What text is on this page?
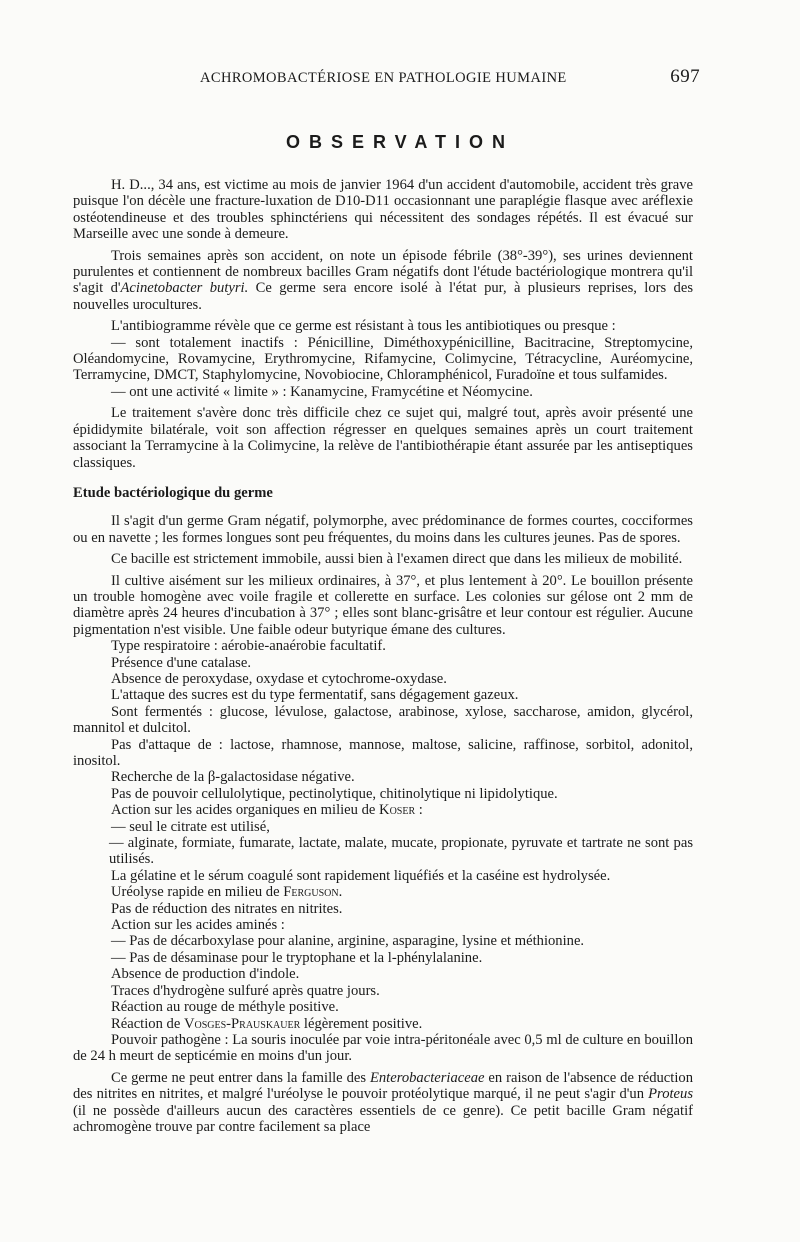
ACHROMOBACTÉRIOSE EN PATHOLOGIE HUMAINE	697
OBSERVATION

H. D..., 34 ans, est victime au mois de janvier 1964 d'un accident d'automobile, accident très grave puisque l'on décèle une fracture-luxation de D10-D11 occasionnant une paraplégie flasque avec aréflexie ostéotendineuse et des troubles sphinctériens qui nécessitent des sondages répétés. Il est évacué sur Marseille avec une sonde à demeure.

Trois semaines après son accident, on note un épisode fébrile (38°-39°), ses urines deviennent purulentes et contiennent de nombreux bacilles Gram négatifs dont l'étude bactériologique montrera qu'il s'agit d'Acinetobacter butyri. Ce germe sera encore isolé à l'état pur, à plusieurs reprises, lors des nouvelles urocultures.

L'antibiogramme révèle que ce germe est résistant à tous les antibiotiques ou presque :

— sont totalement inactifs : Pénicilline, Diméthoxypénicilline, Bacitracine, Streptomycine, Oléandomycine, Rovamycine, Erythromycine, Rifamycine, Colimycine, Tétracycline, Auréomycine, Terramycine, DMCT, Staphylomycine, Novobiocine, Chloramphénicol, Furadoïne et tous sulfamides.

— ont une activité « limite » : Kanamycine, Framycétine et Néomycine.

Le traitement s'avère donc très difficile chez ce sujet qui, malgré tout, après avoir présenté une épididymite bilatérale, voit son affection régresser en quelques semaines après un court traitement associant la Terramycine à la Colimycine, la relève de l'antibiothérapie étant assurée par les antiseptiques classiques.

Etude bactériologique du germe

Il s'agit d'un germe Gram négatif, polymorphe, avec prédominance de formes courtes, cocciformes ou en navette ; les formes longues sont peu fréquentes, du moins dans les cultures jeunes. Pas de spores.

Ce bacille est strictement immobile, aussi bien à l'examen direct que dans les milieux de mobilité.

Il cultive aisément sur les milieux ordinaires, à 37°, et plus lentement à 20°. Le bouillon présente un trouble homogène avec voile fragile et collerette en surface. Les colonies sur gélose ont 2 mm de diamètre après 24 heures d'incubation à 37° ; elles sont blanc-grisâtre et leur contour est régulier. Aucune pigmentation n'est visible. Une faible odeur butyrique émane des cultures.

Type respiratoire : aérobie-anaérobie facultatif.

Présence d'une catalase.

Absence de peroxydase, oxydase et cytochrome-oxydase.

L'attaque des sucres est du type fermentatif, sans dégagement gazeux.

Sont fermentés : glucose, lévulose, galactose, arabinose, xylose, saccharose, amidon, glycérol, mannitol et dulcitol.

Pas d'attaque de : lactose, rhamnose, mannose, maltose, salicine, raffinose, sorbitol, adonitol, inositol.

Recherche de la β-galactosidase négative.

Pas de pouvoir cellulolytique, pectinolytique, chitinolytique ni lipidolytique.

Action sur les acides organiques en milieu de Koser :

— seul le citrate est utilisé,

— alginate, formiate, fumarate, lactate, malate, mucate, propionate, pyruvate et tartrate ne sont pas utilisés.

La gélatine et le sérum coagulé sont rapidement liquéfiés et la caséine est hydrolysée.

Uréolyse rapide en milieu de Ferguson.

Pas de réduction des nitrates en nitrites.

Action sur les acides aminés :

— Pas de décarboxylase pour alanine, arginine, asparagine, lysine et méthionine.

— Pas de désaminase pour le tryptophane et la l-phénylalanine.

Absence de production d'indole.

Traces d'hydrogène sulfuré après quatre jours.

Réaction au rouge de méthyle positive.

Réaction de Vosges-Prauskauer légèrement positive.

Pouvoir pathogène : La souris inoculée par voie intra-péritonéale avec 0,5 ml de culture en bouillon de 24 h meurt de septicémie en moins d'un jour.

Ce germe ne peut entrer dans la famille des Enterobacteriaceae en raison de l'absence de réduction des nitrites en nitrites, et malgré l'uréolyse le pouvoir protéolytique marqué, il ne peut s'agir d'un Proteus (il ne possède d'ailleurs aucun des caractères essentiels de ce genre). Ce petit bacille Gram négatif achromogène trouve par contre facilement sa place
